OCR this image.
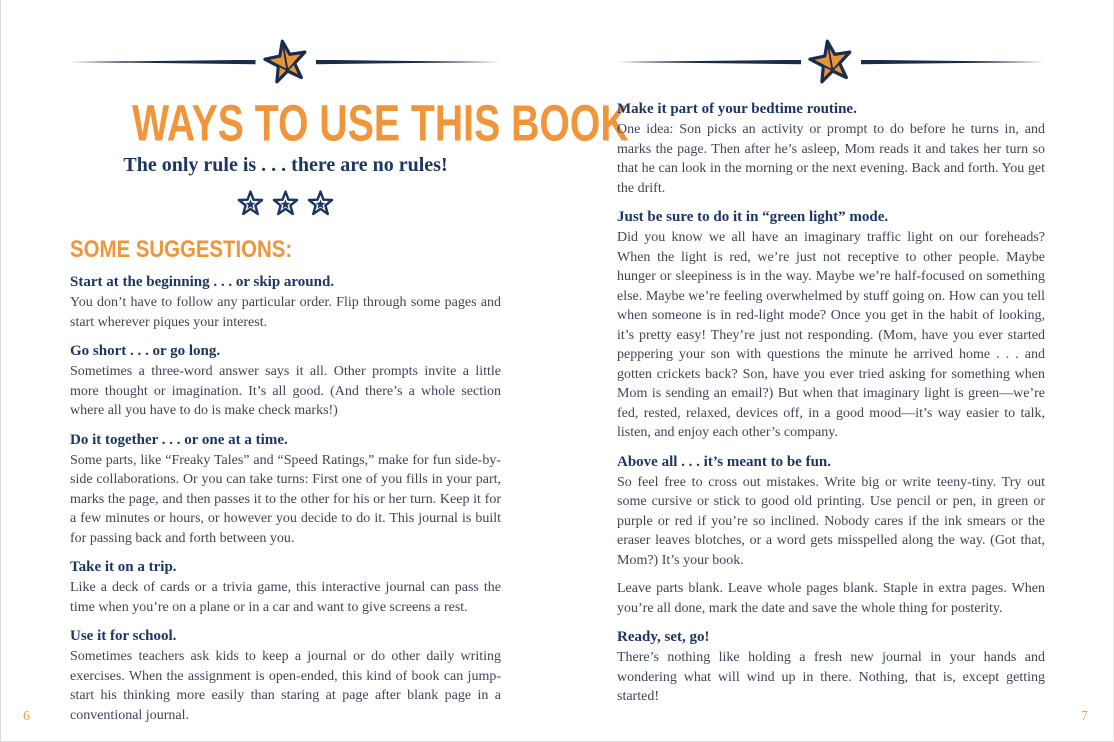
WAYS TO USE THIS BOOK
The only rule is . . . there are no rules!
SOME SUGGESTIONS:

Start at the beginning . . . or skip around.

You don’t have to follow any particular order. Flip through some pages and start wherever piques your interest.

Go short . . . or go long.

Sometimes a three-word answer says it all. Other prompts invite a little more thought or imagination. It’s all good. (And there’s a whole section where all you have to do is make check marks!)

Do it together . . . or one at a time.

Some parts, like “Freaky Tales” and “Speed Ratings,” make for fun side-by-side collaborations. Or you can take turns: First one of you fills in your part, marks the page, and then passes it to the other for his or her turn. Keep it for a few minutes or hours, or however you decide to do it. This journal is built for passing back and forth between you.

Take it on a trip.

Like a deck of cards or a trivia game, this interactive journal can pass the time when you’re on a plane or in a car and want to give screens a rest.

Use it for school.

Sometimes teachers ask kids to keep a journal or do other daily writing exercises. When the assignment is open-ended, this kind of book can jump-start his thinking more easily than staring at page after blank page in a conventional journal.

6

Make it part of your bedtime routine.

One idea: Son picks an activity or prompt to do before he turns in, and marks the page. Then after he’s asleep, Mom reads it and takes her turn so that he can look in the morning or the next evening. Back and forth. You get the drift.

Just be sure to do it in “green light” mode.

Did you know we all have an imaginary traffic light on our foreheads? When the light is red, we’re just not receptive to other people. Maybe hunger or sleepiness is in the way. Maybe we’re half-focused on something else. Maybe we’re feeling overwhelmed by stuff going on. How can you tell when someone is in red-light mode? Once you get in the habit of looking, it’s pretty easy! They’re just not responding. (Mom, have you ever started peppering your son with questions the minute he arrived home . . . and gotten crickets back? Son, have you ever tried asking for something when Mom is sending an email?) But when that imaginary light is green—we’re fed, rested, relaxed, devices off, in a good mood—it’s way easier to talk, listen, and enjoy each other’s company.

Above all . . . it’s meant to be fun.

So feel free to cross out mistakes. Write big or write teeny-tiny. Try out some cursive or stick to good old printing. Use pencil or pen, in green or purple or red if you’re so inclined. Nobody cares if the ink smears or the eraser leaves blotches, or a word gets misspelled along the way. (Got that, Mom?) It’s your book.

Leave parts blank. Leave whole pages blank. Staple in extra pages. When you’re all done, mark the date and save the whole thing for posterity.

Ready, set, go!

There’s nothing like holding a fresh new journal in your hands and wondering what will wind up in there. Nothing, that is, except getting started!

7
